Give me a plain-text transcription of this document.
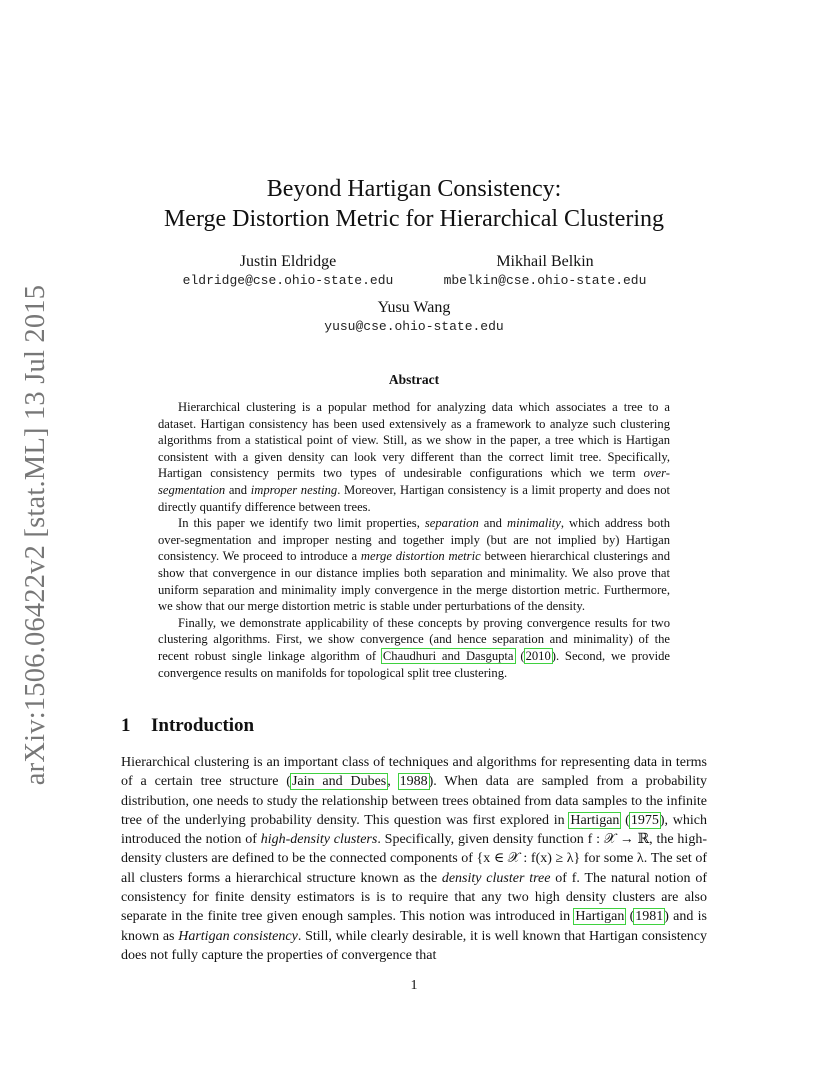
arXiv:1506.06422v2 [stat.ML] 13 Jul 2015
Beyond Hartigan Consistency:
Merge Distortion Metric for Hierarchical Clustering
Justin Eldridge
eldridge@cse.ohio-state.edu
Mikhail Belkin
mbelkin@cse.ohio-state.edu
Yusu Wang
yusu@cse.ohio-state.edu
Abstract

Hierarchical clustering is a popular method for analyzing data which associates a tree to a dataset. Hartigan consistency has been used extensively as a framework to analyze such clustering algorithms from a statistical point of view. Still, as we show in the paper, a tree which is Hartigan consistent with a given density can look very different than the correct limit tree. Specifically, Hartigan consistency permits two types of undesirable configurations which we term over-segmentation and improper nesting. Moreover, Hartigan consistency is a limit property and does not directly quantify difference between trees.

In this paper we identify two limit properties, separation and minimality, which address both over-segmentation and improper nesting and together imply (but are not implied by) Hartigan consistency. We proceed to introduce a merge distortion metric between hierarchical clusterings and show that convergence in our distance implies both separation and minimality. We also prove that uniform separation and minimality imply convergence in the merge distortion metric. Furthermore, we show that our merge distortion metric is stable under perturbations of the density.

Finally, we demonstrate applicability of these concepts by proving convergence results for two clustering algorithms. First, we show convergence (and hence separation and minimality) of the recent robust single linkage algorithm of Chaudhuri and Dasgupta (2010). Second, we provide convergence results on manifolds for topological split tree clustering.

1 Introduction

Hierarchical clustering is an important class of techniques and algorithms for representing data in terms of a certain tree structure (Jain and Dubes, 1988). When data are sampled from a probability distribution, one needs to study the relationship between trees obtained from data samples to the infinite tree of the underlying probability density. This question was first explored in Hartigan (1975), which introduced the notion of high-density clusters. Specifically, given density function f : 𝒳 → ℝ, the high-density clusters are defined to be the connected components of {x ∈ 𝒳 : f(x) ≥ λ} for some λ. The set of all clusters forms a hierarchical structure known as the density cluster tree of f. The natural notion of consistency for finite density estimators is is to require that any two high density clusters are also separate in the finite tree given enough samples. This notion was introduced in Hartigan (1981) and is known as Hartigan consistency. Still, while clearly desirable, it is well known that Hartigan consistency does not fully capture the properties of convergence that

1
